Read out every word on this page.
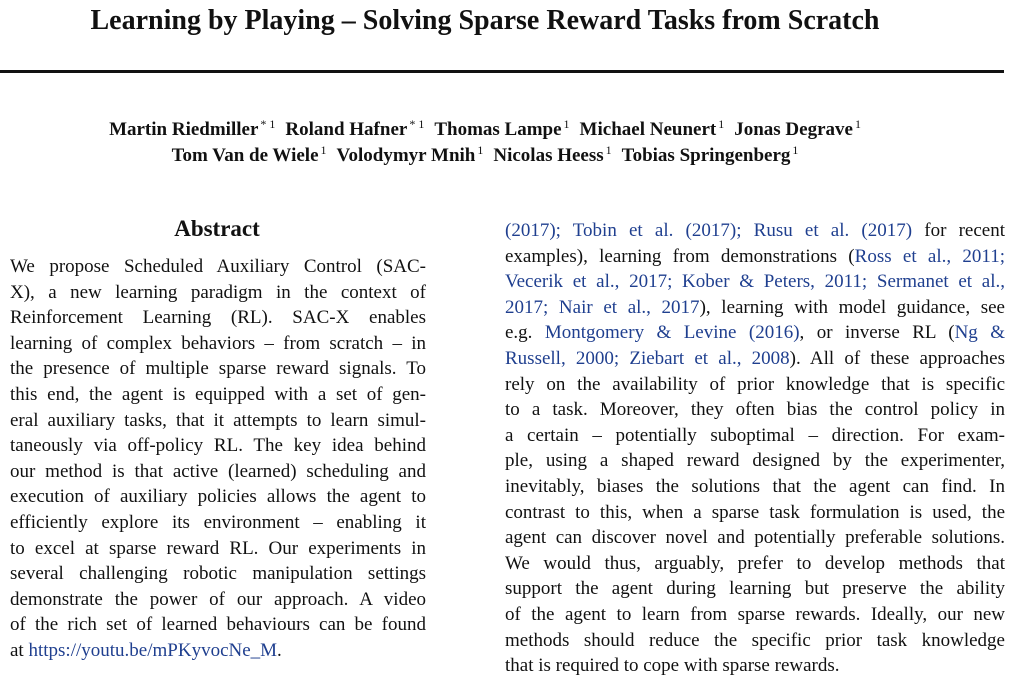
Learning by Playing – Solving Sparse Reward Tasks from Scratch
Martin Riedmiller $^{* 1}$ Roland Hafner $^{* 1}$ Thomas Lampe $^1$ Michael Neunert $^1$ Jonas Degrave $^1$
Tom Van de Wiele $^1$ Volodymyr Mnih $^1$ Nicolas Heess $^1$ Tobias Springenberg $^1$
Abstract
We propose Scheduled Auxiliary Control (SAC-
X), a new learning paradigm in the context of
Reinforcement Learning (RL). SAC-X enables
learning of complex behaviors – from scratch – in
the presence of multiple sparse reward signals. To
this end, the agent is equipped with a set of gen-
eral auxiliary tasks, that it attempts to learn simul-
taneously via off-policy RL. The key idea behind
our method is that active (learned) scheduling and
execution of auxiliary policies allows the agent to
efficiently explore its environment – enabling it
to excel at sparse reward RL. Our experiments in
several challenging robotic manipulation settings
demonstrate the power of our approach. A video
of the rich set of learned behaviours can be found
at https://youtu.be/mPKyvocNe_M.
(2017); Tobin et al. (2017); Rusu et al. (2017) for recent
examples), learning from demonstrations (Ross et al., 2011;
Vecerik et al., 2017; Kober & Peters, 2011; Sermanet et al.,
2017; Nair et al., 2017), learning with model guidance, see
e.g. Montgomery & Levine (2016), or inverse RL (Ng &
Russell, 2000; Ziebart et al., 2008). All of these approaches
rely on the availability of prior knowledge that is specific
to a task. Moreover, they often bias the control policy in
a certain – potentially suboptimal – direction. For exam-
ple, using a shaped reward designed by the experimenter,
inevitably, biases the solutions that the agent can find. In
contrast to this, when a sparse task formulation is used, the
agent can discover novel and potentially preferable solutions.
We would thus, arguably, prefer to develop methods that
support the agent during learning but preserve the ability
of the agent to learn from sparse rewards. Ideally, our new
methods should reduce the specific prior task knowledge
that is required to cope with sparse rewards.
